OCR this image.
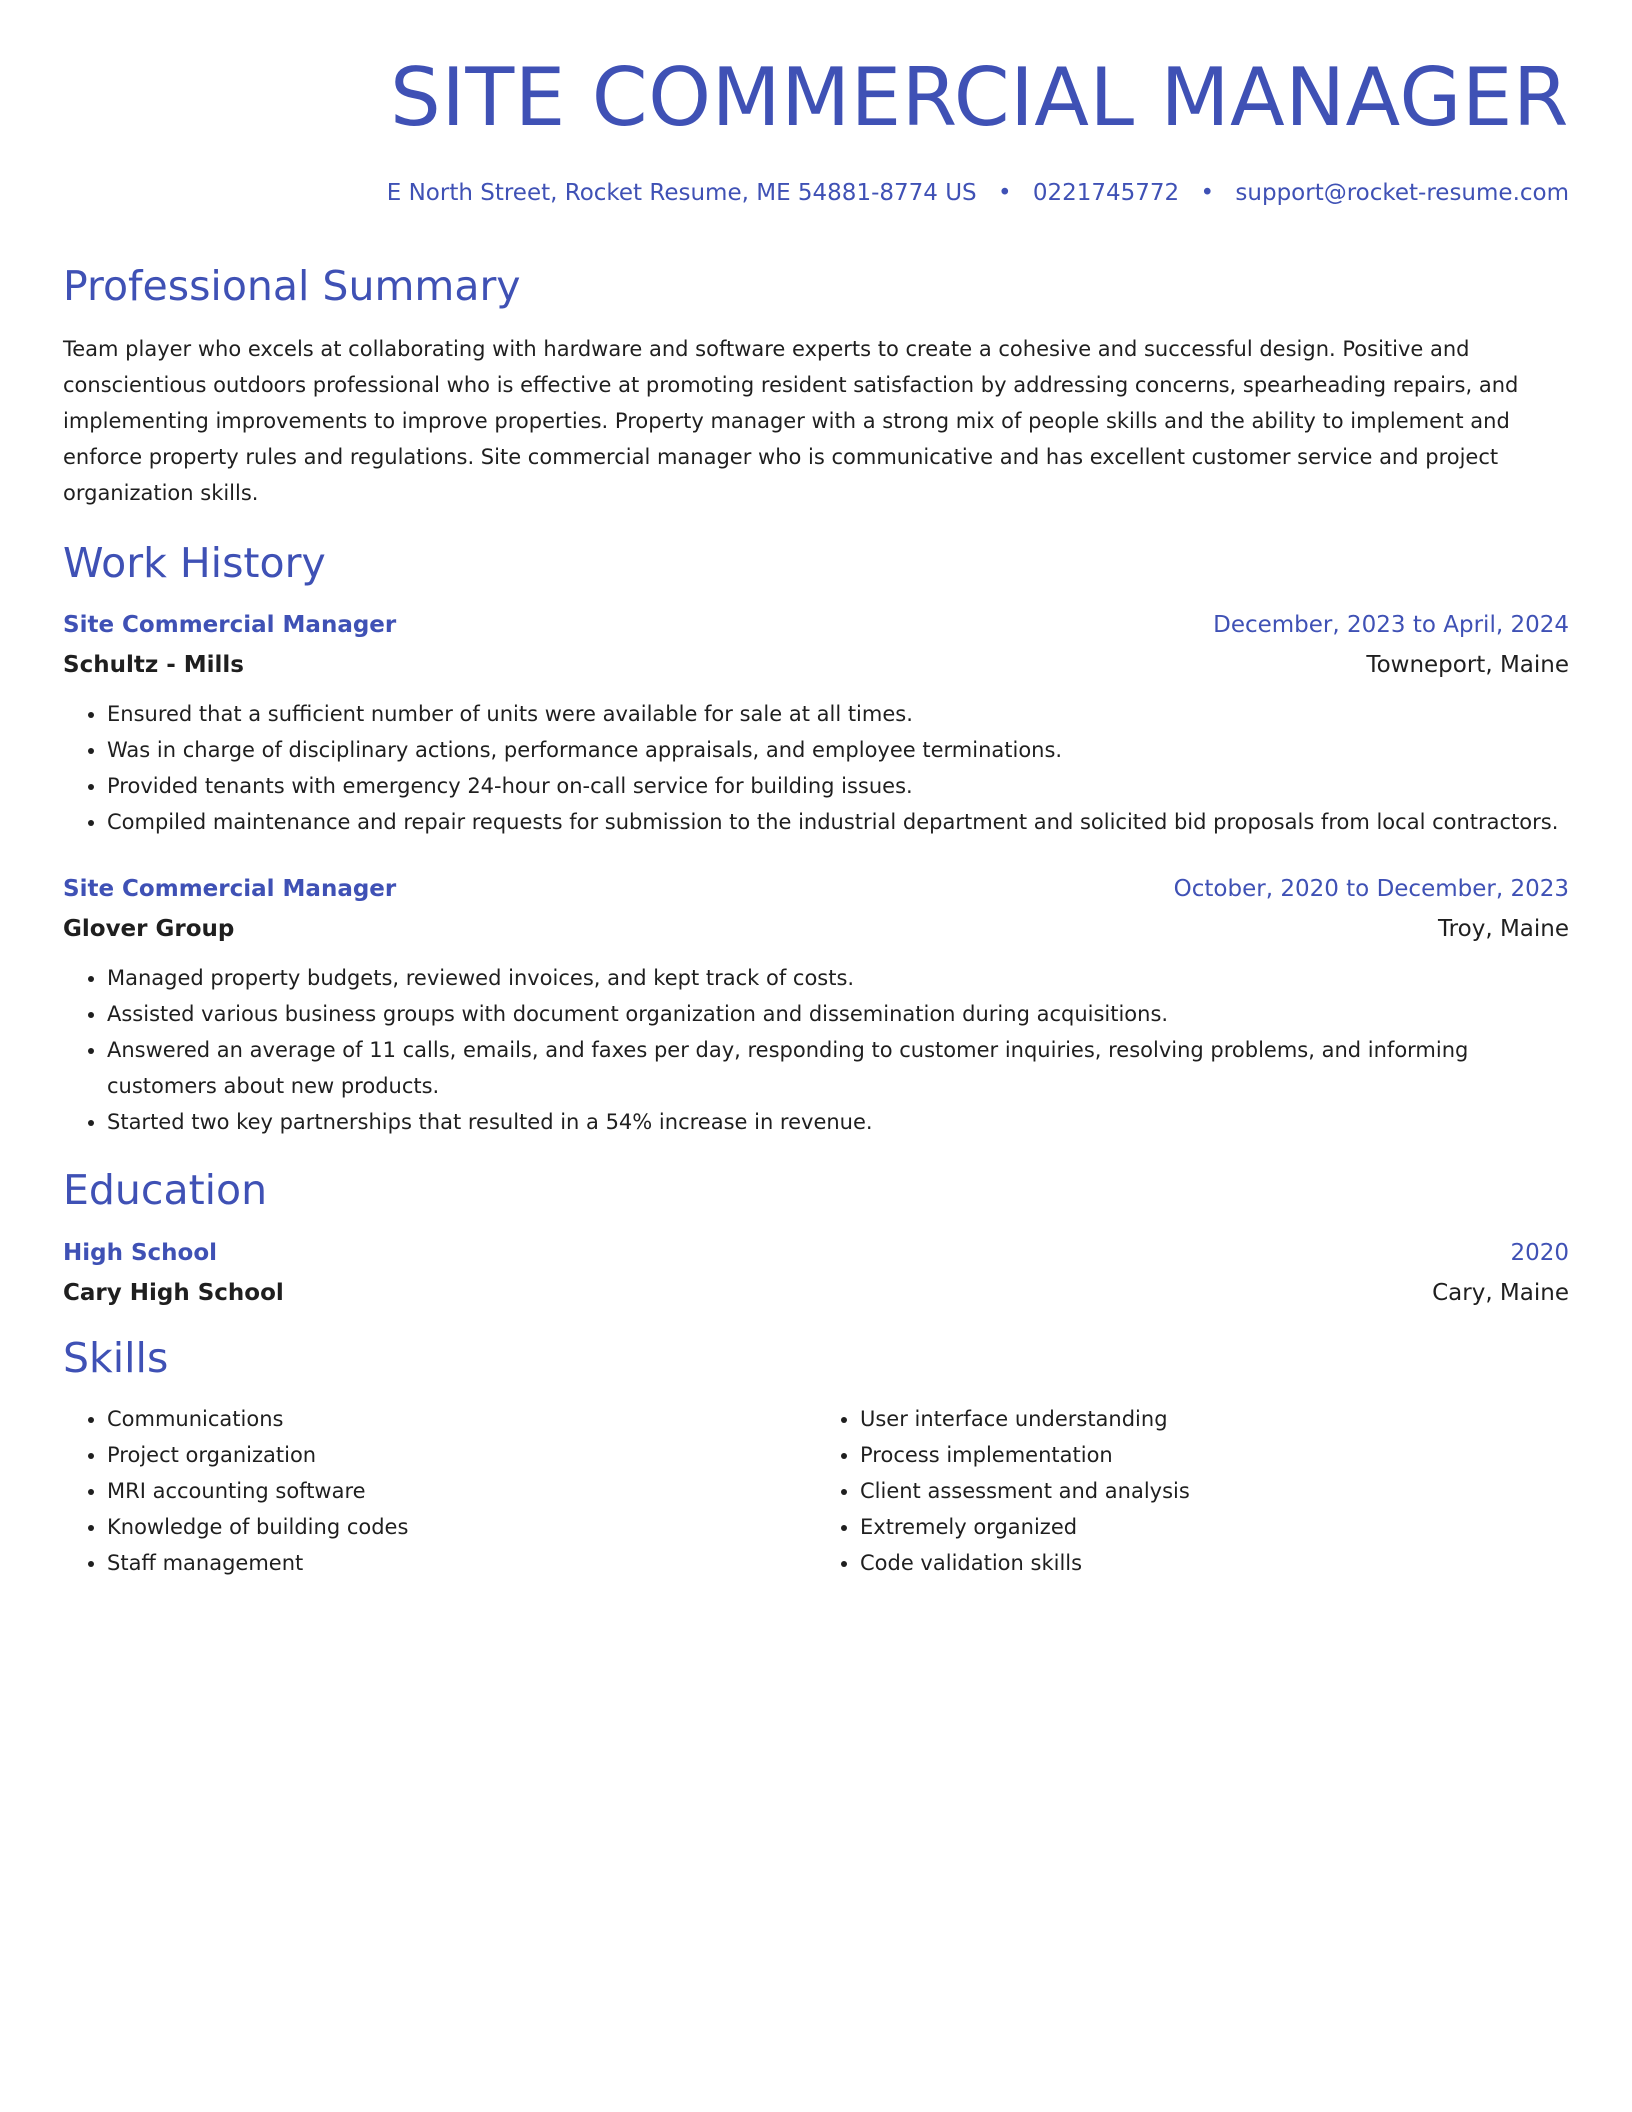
SITE COMMERCIAL MANAGER
E North Street, Rocket Resume, ME 54881-8774 US • 0221745772 • support@rocket-resume.com
Professional Summary
Team player who excels at collaborating with hardware and software experts to create a cohesive and successful design. Positive and conscientious outdoors professional who is effective at promoting resident satisfaction by addressing concerns, spearheading repairs, and implementing improvements to improve properties. Property manager with a strong mix of people skills and the ability to implement and enforce property rules and regulations. Site commercial manager who is communicative and has excellent customer service and project organization skills.
Work History
Site Commercial Manager	December, 2023 to April, 2024
Schultz - Mills	Towneport, Maine
• Ensured that a sufficient number of units were available for sale at all times.
• Was in charge of disciplinary actions, performance appraisals, and employee terminations.
• Provided tenants with emergency 24-hour on-call service for building issues.
• Compiled maintenance and repair requests for submission to the industrial department and solicited bid proposals from local contractors.
Site Commercial Manager	October, 2020 to December, 2023
Glover Group	Troy, Maine
• Managed property budgets, reviewed invoices, and kept track of costs.
• Assisted various business groups with document organization and dissemination during acquisitions.
• Answered an average of 11 calls, emails, and faxes per day, responding to customer inquiries, resolving problems, and informing customers about new products.
• Started two key partnerships that resulted in a 54% increase in revenue.
Education
High School	2020
Cary High School	Cary, Maine
Skills
• Communications
• Project organization
• MRI accounting software
• Knowledge of building codes
• Staff management
• User interface understanding
• Process implementation
• Client assessment and analysis
• Extremely organized
• Code validation skills
